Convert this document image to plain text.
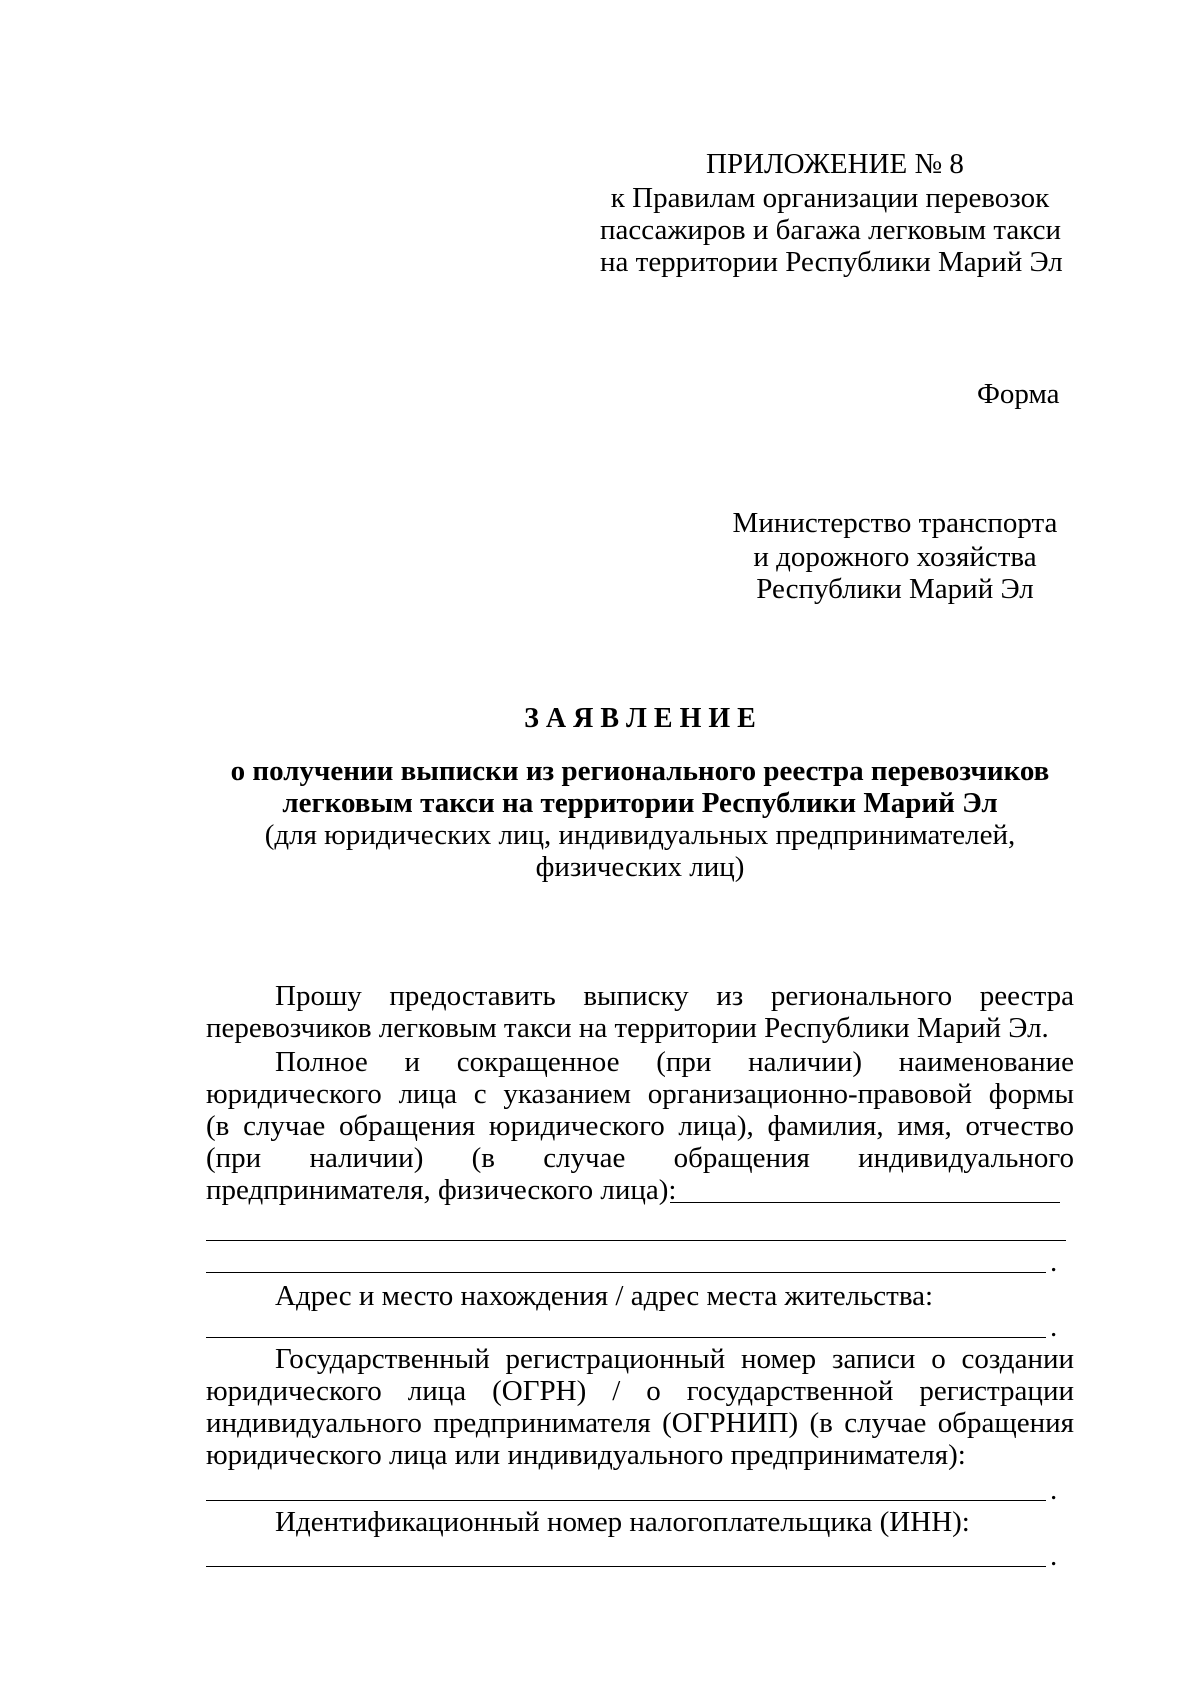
ПРИЛОЖЕНИЕ № 8
к Правилам организации перевозок
пассажиров и багажа легковым такси
на территории Республики Марий Эл
Форма
Министерство транспорта
и дорожного хозяйства
Республики Марий Эл
З А Я В Л Е Н И Е
о получении выписки из регионального реестра перевозчиков
легковым такси на территории Республики Марий Эл
(для юридических лиц, индивидуальных предпринимателей,
физических лиц)
Прошу предоставить выписку из регионального реестра
перевозчиков легковым такси на территории Республики Марий Эл.
Полное и сокращенное (при наличии) наименование
юридического лица с указанием организационно-правовой формы
(в случае обращения юридического лица), фамилия, имя, отчество
(при наличии) (в случае обращения индивидуального
предпринимателя, физического лица):
.
Адрес и место нахождения / адрес места жительства:
.
Государственный регистрационный номер записи о создании
юридического лица (ОГРН) / о государственной регистрации
индивидуального предпринимателя (ОГРНИП) (в случае обращения
юридического лица или индивидуального предпринимателя):
.
Идентификационный номер налогоплательщика (ИНН):
.
